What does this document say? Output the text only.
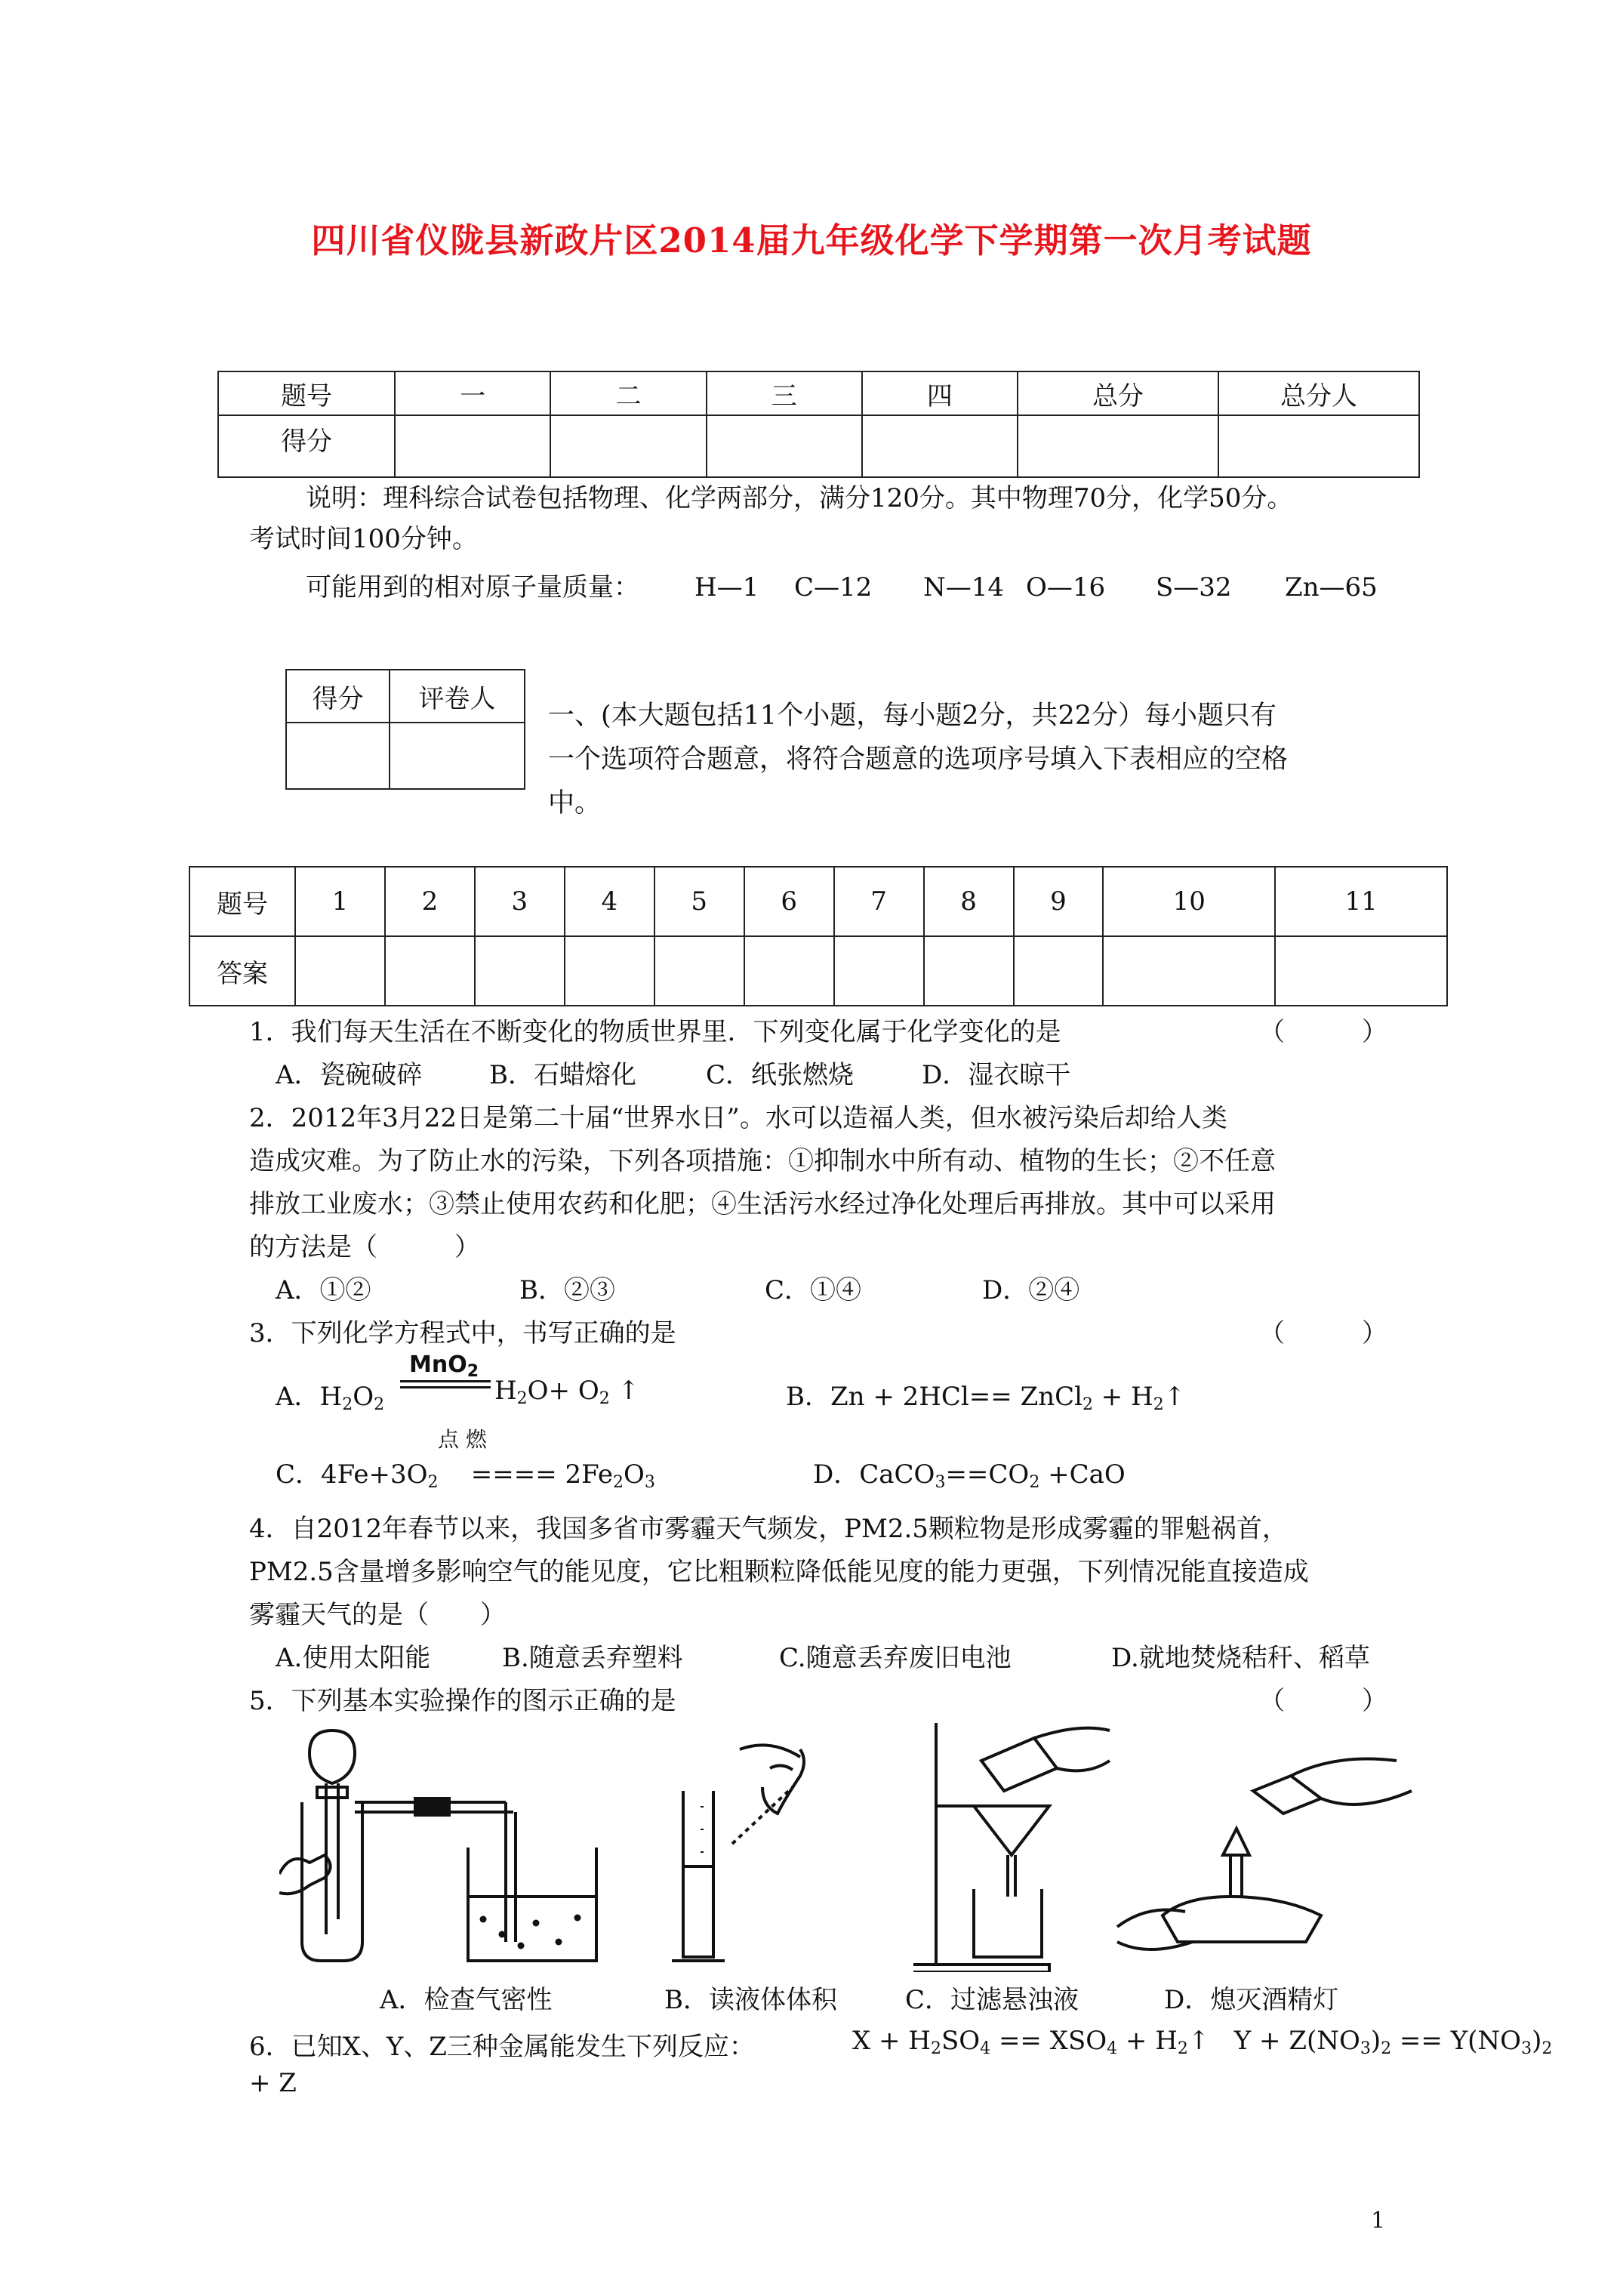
四川省仪陇县新政片区2014届九年级化学下学期第一次月考试题
题号	一	二	三	四	总分	总分人
得分						
说明：理科综合试卷包括物理、化学两部分，满分120分。其中物理70分，化学50分。
考试时间100分钟。
可能用到的相对原子量质量： H—1 C—12 N—14 O—16 S—32 Zn—65
得分	评卷人

一、(本大题包括11个小题，每小题2分，共22分）每小题只有
一个选项符合题意，将符合题意的选项序号填入下表相应的空格
中。
题号	1	2	3	4	5	6	7	8	9	10	11
答案											
1．我们每天生活在不断变化的物质世界里．下列变化属于化学变化的是	（　　　）
A．瓷碗破碎	B．石蜡熔化	C．纸张燃烧	D．湿衣晾干
2．2012年3月22日是第二十届“世界水日”。水可以造福人类，但水被污染后却给人类
造成灾难。为了防止水的污染，下列各项措施：①抑制水中所有动、植物的生长；②不任意
排放工业废水；③禁止使用农药和化肥；④生活污水经过净化处理后再排放。其中可以采用
的方法是（　　　）
A．①②	B．②③	C．①④	D．②④
3．下列化学方程式中，书写正确的是	（　　　）
A．$H_2O_2$
MnO$_2$
$H_2O+ O_2$ ↑	B．Zn + 2HCl== ZnCl$_2$ + $H_2↑$
点 燃
C．$4Fe+3O_2$    ==== $2Fe_2O_3$	D．$CaCO_3==CO_2 +CaO$
4．自2012年春节以来，我国多省市雾霾天气频发，PM2.5颗粒物是形成雾霾的罪魁祸首，
PM2.5含量增多影响空气的能见度，它比粗颗粒降低能见度的能力更强，下列情况能直接造成
雾霾天气的是（　　）
A.使用太阳能	B.随意丢弃塑料	C.随意丢弃废旧电池	D.就地焚烧秸秆、稻草
5．下列基本实验操作的图示正确的是	（　　　）
A．检查气密性	B．读液体体积	C．过滤悬浊液	D．熄灭酒精灯
6．已知X、Y、Z三种金属能发生下列反应：	$X + H_2SO_4 == XSO_4$ + $H_2↑$   $Y + Z(NO_3)_2 == Y(NO_3)_2$
+ Z
1
